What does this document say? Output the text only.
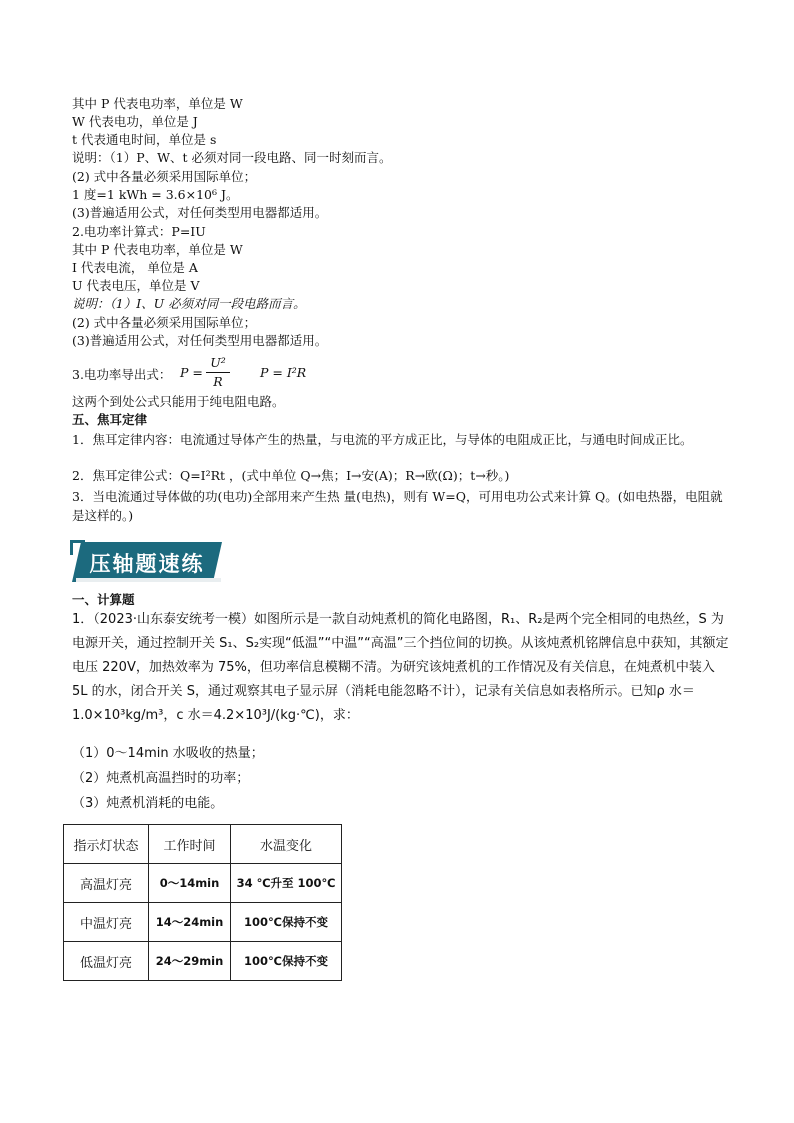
其中 P 代表电功率，单位是 W
W 代表电功，单位是 J
t 代表通电时间，单位是 s
说明：（1）P、W、t 必须对同一段电路、同一时刻而言。
(2) 式中各量必须采用国际单位；
1 度=1 kWh = 3.6×10⁶ J。
(3)普遍适用公式，对任何类型用电器都适用。
2.电功率计算式：P=IU
其中 P 代表电功率，单位是 W
I 代表电流， 单位是 A
U 代表电压，单位是 V
说明：（1）I、U 必须对同一段电路而言。
(2) 式中各量必须采用国际单位；
(3)普遍适用公式，对任何类型用电器都适用。
3.电功率导出式： P =
U²
R
P = I²R
这两个到处公式只能用于纯电阻电路。
五、焦耳定律
1．焦耳定律内容：电流通过导体产生的热量，与电流的平方成正比，与导体的电阻成正比，与通电时间成正比。
2．焦耳定律公式：Q=I²Rt ，(式中单位 Q→焦；I→安(A)；R→欧(Ω)；t→秒。)
3．当电流通过导体做的功(电功)全部用来产生热 量(电热)，则有 W=Q，可用电功公式来计算 Q。(如电热器，电阻就是这样的。)
压轴题速练
一、计算题
1．（2023·山东泰安统考一模）如图所示是一款自动炖煮机的简化电路图，R₁、R₂是两个完全相同的电热丝，S 为电源开关，通过控制开关 S₁、S₂实现“低温”“中温”“高温”三个挡位间的切换。从该炖煮机铭牌信息中获知，其额定电压 220V，加热效率为 75%，但功率信息模糊不清。为研究该炖煮机的工作情况及有关信息，在炖煮机中装入 5L 的水，闭合开关 S，通过观察其电子显示屏（消耗电能忽略不计），记录有关信息如表格所示。已知ρ 水＝1.0×10³kg/m³，c 水＝4.2×10³J/(kg·℃)，求：
（1）0～14min 水吸收的热量；
（2）炖煮机高温挡时的功率；
（3）炖煮机消耗的电能。
指示灯状态	工作时间	水温变化
高温灯亮	0～14min	34 ℃升至 100℃
中温灯亮	14～24min	100℃保持不变
低温灯亮	24～29min	100℃保持不变
